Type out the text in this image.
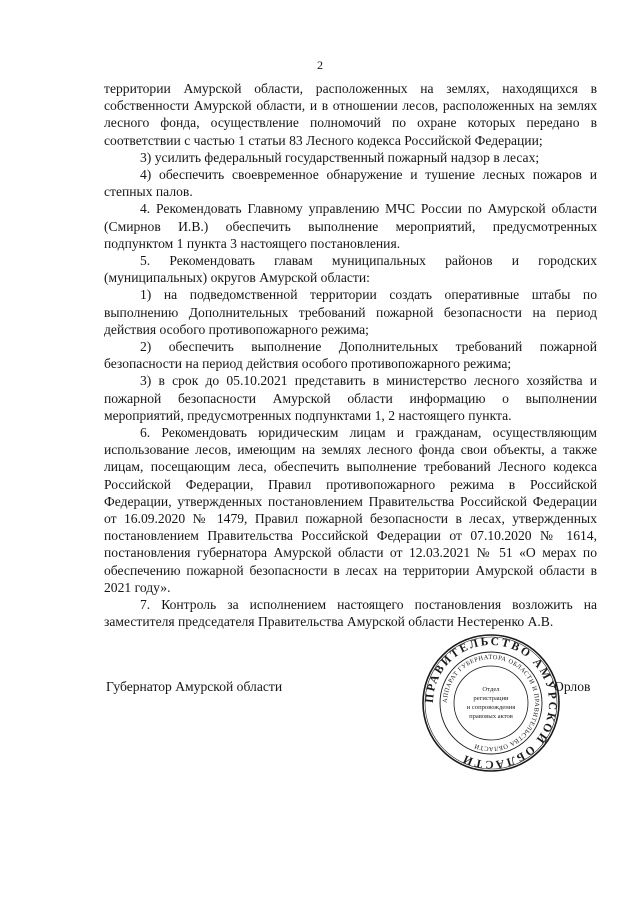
2

территории Амурской области, расположенных на землях, находящихся в собственности Амурской области, и в отношении лесов, расположенных на землях лесного фонда, осуществление полномочий по охране которых передано в соответствии с частью 1 статьи 83 Лесного кодекса Российской Федерации;

3) усилить федеральный государственный пожарный надзор в лесах;

4) обеспечить своевременное обнаружение и тушение лесных пожаров и степных палов.

4. Рекомендовать Главному управлению МЧС России по Амурской области (Смирнов И.В.) обеспечить выполнение мероприятий, предусмотренных подпунктом 1 пункта 3 настоящего постановления.

5. Рекомендовать главам муниципальных районов и городских (муниципальных) округов Амурской области:

1) на подведомственной территории создать оперативные штабы по выполнению Дополнительных требований пожарной безопасности на период действия особого противопожарного режима;

2) обеспечить выполнение Дополнительных требований пожарной безопасности на период действия особого противопожарного режима;

3) в срок до 05.10.2021 представить в министерство лесного хозяйства и пожарной безопасности Амурской области информацию о выполнении мероприятий, предусмотренных подпунктами 1, 2 настоящего пункта.

6. Рекомендовать юридическим лицам и гражданам, осуществляющим использование лесов, имеющим на землях лесного фонда свои объекты, а также лицам, посещающим леса, обеспечить выполнение требований Лесного кодекса Российской Федерации, Правил противопожарного режима в Российской Федерации, утвержденных постановлением Правительства Российской Федерации от 16.09.2020 № 1479, Правил пожарной безопасности в лесах, утвержденных постановлением Правительства Российской Федерации от 07.10.2020 № 1614, постановления губернатора Амурской области от 12.03.2021 № 51 «О мерах по обеспечению пожарной безопасности в лесах на территории Амурской области в 2021 году».

7. Контроль за исполнением настоящего постановления возложить на заместителя председателя Правительства Амурской области Нестеренко А.В.

Губернатор Амурской области
ПРАВИТЕЛЬСТВО АМУРСКОЙ ОБЛАСТИ
АППАРАТ ГУБЕРНАТОРА ОБЛАСТИ И ПРАВИТЕЛЬСТВА ОБЛАСТИ
Отдел
регистрации
и сопровождения
правовых актов
Орлов
